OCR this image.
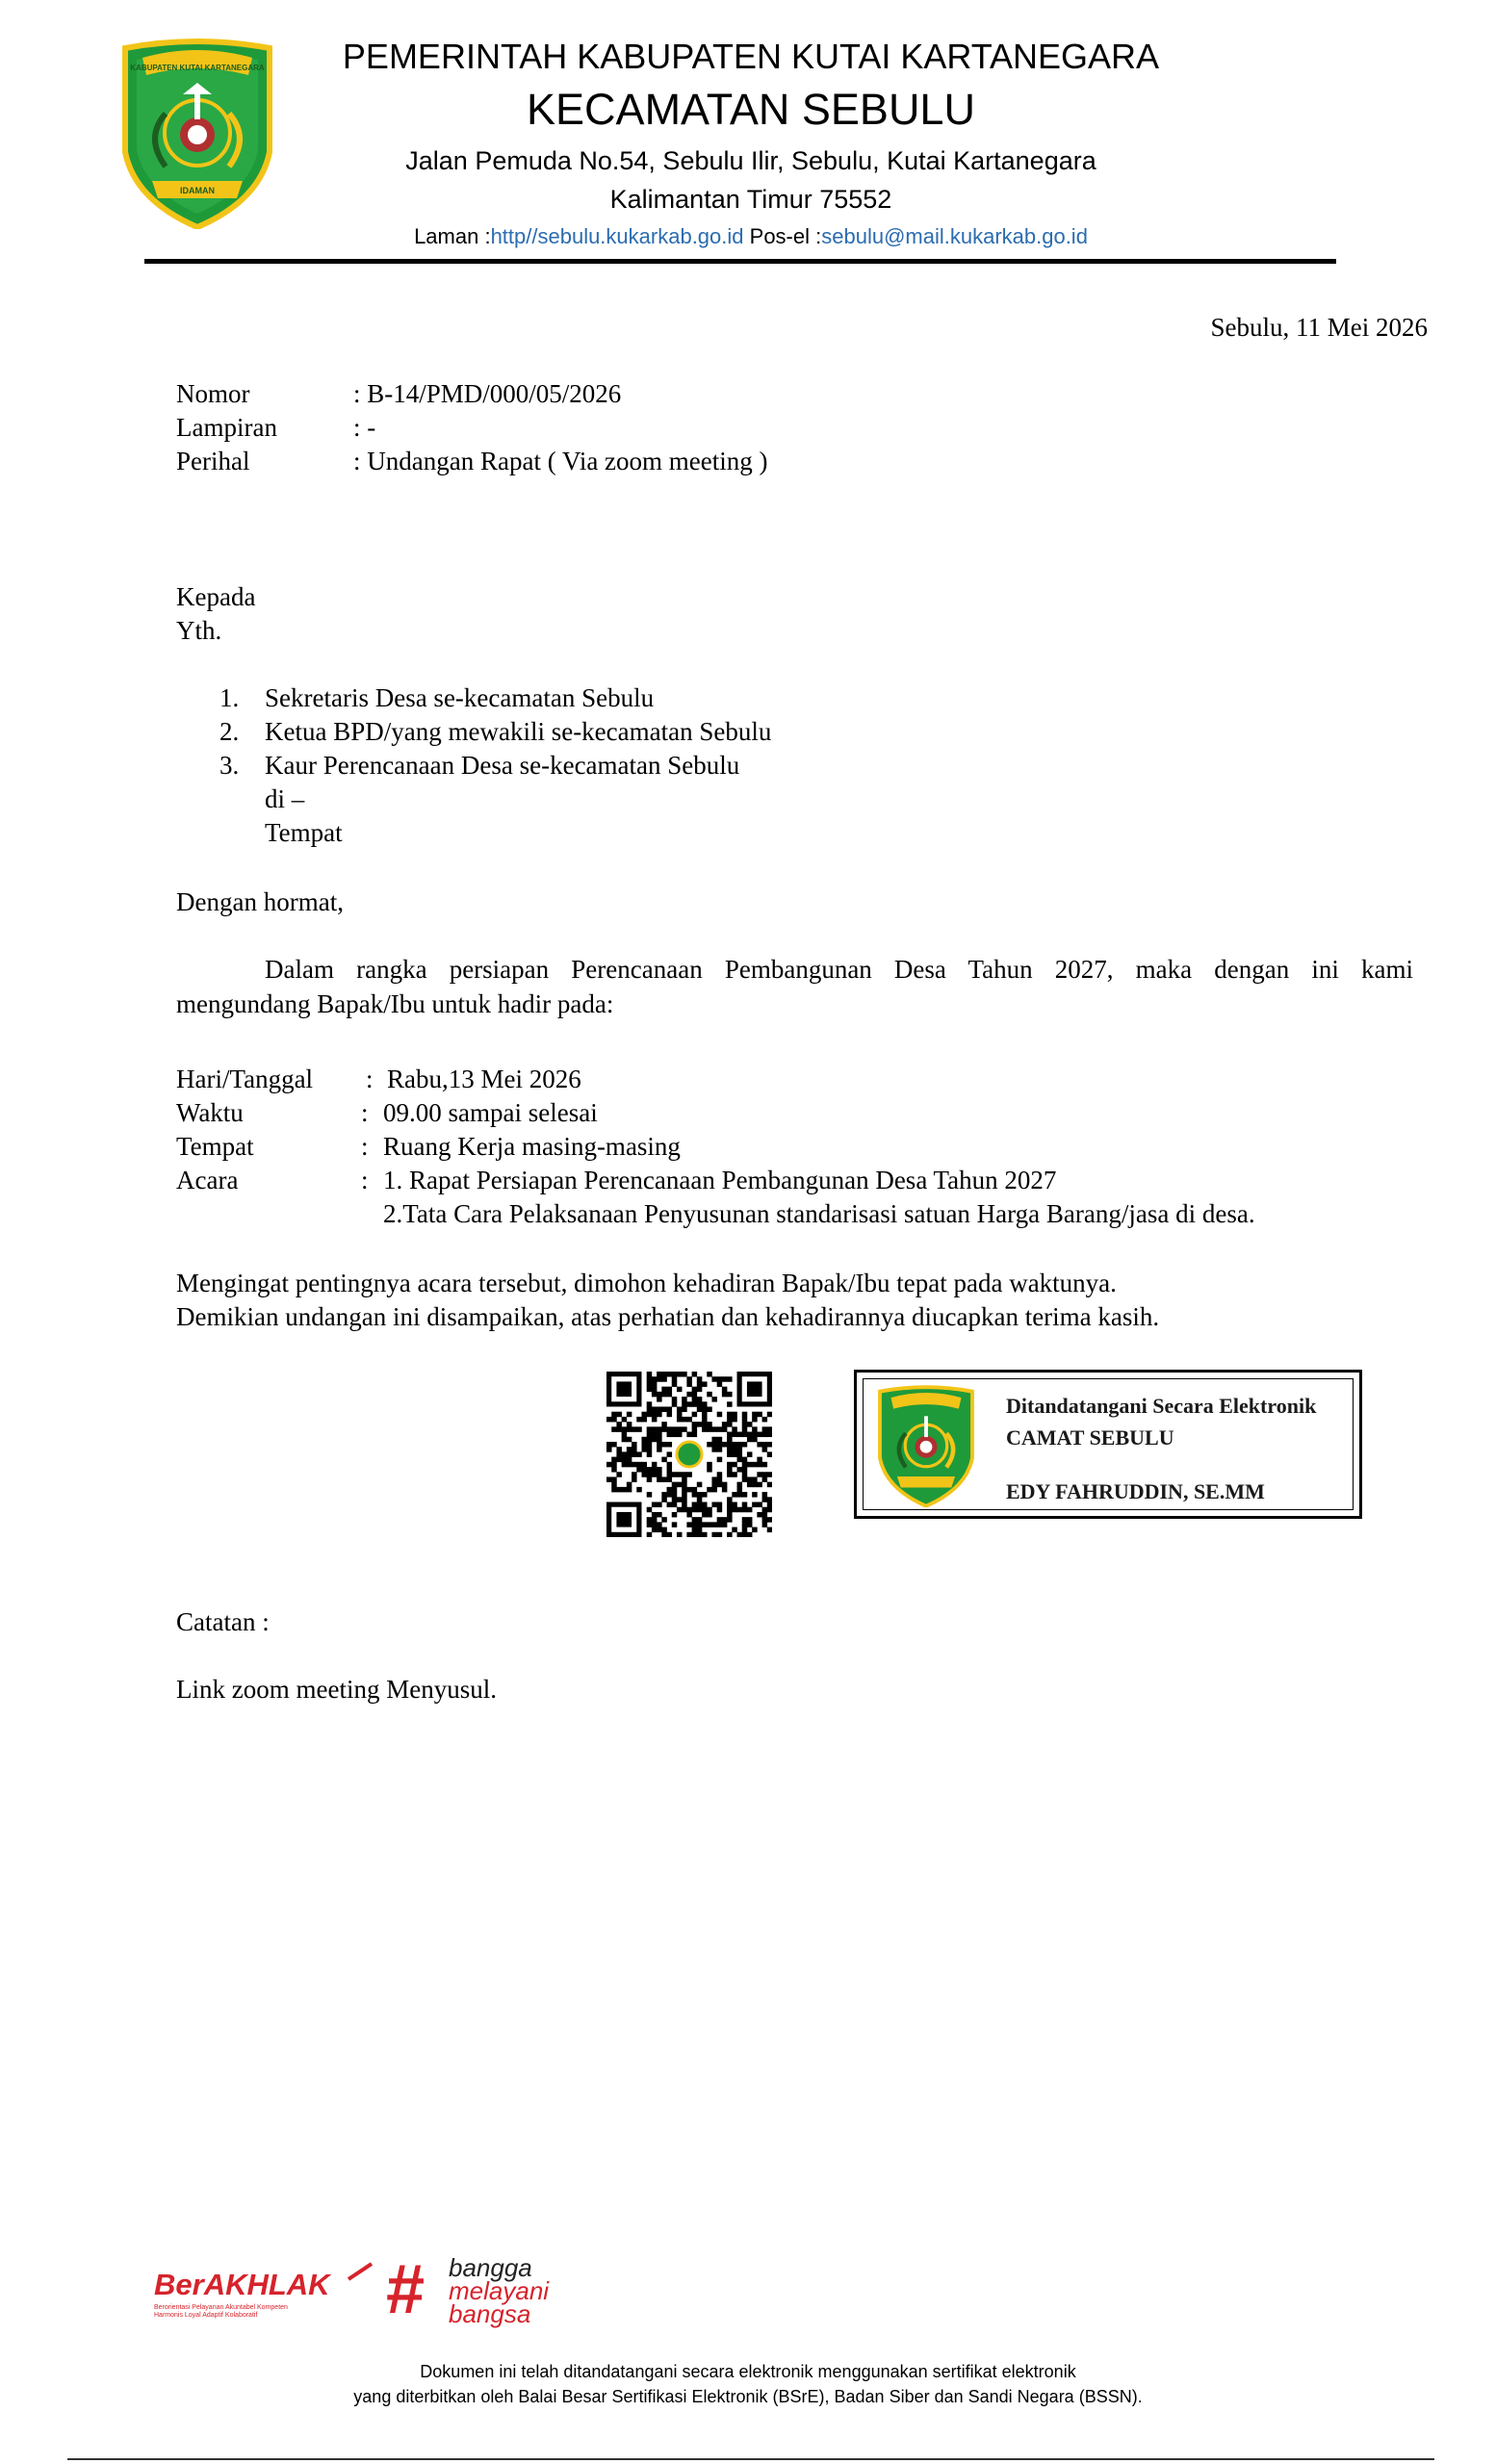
KABUPATEN KUTAI KARTANEGARA
IDAMAN
PEMERINTAH KABUPATEN KUTAI KARTANEGARA
KECAMATAN SEBULU
Jalan Pemuda No.54, Sebulu Ilir, Sebulu, Kutai Kartanegara
Kalimantan Timur 75552
Laman :http//sebulu.kukarkab.go.id Pos-el :sebulu@mail.kukarkab.go.id
Sebulu, 11 Mei 2026
Nomor	: B-14/PMD/000/05/2026
Lampiran	: -
Perihal	: Undangan Rapat ( Via zoom meeting )
Kepada
Yth.
1. Sekretaris Desa se-kecamatan Sebulu
2. Ketua BPD/yang mewakili se-kecamatan Sebulu
3. Kaur Perencanaan Desa se-kecamatan Sebulu
di –
Tempat
Dengan hormat,
Dalam rangka persiapan Perencanaan Pembangunan Desa Tahun 2027, maka dengan ini kami
mengundang Bapak/Ibu untuk hadir pada:
Hari/Tanggal : Rabu,13 Mei 2026
Waktu	: 09.00 sampai selesai
Tempat	: Ruang Kerja masing-masing
Acara	: 1. Rapat Persiapan Perencanaan Pembangunan Desa Tahun 2027
2.Tata Cara Pelaksanaan Penyusunan standarisasi satuan Harga Barang/jasa di desa.
Mengingat pentingnya acara tersebut, dimohon kehadiran Bapak/Ibu tepat pada waktunya.
Demikian undangan ini disampaikan, atas perhatian dan kehadirannya diucapkan terima kasih.
Ditandatangani Secara Elektronik
CAMAT SEBULU
EDY FAHRUDDIN, SE.MM
Catatan :
Link zoom meeting Menyusul.
BerAKHLAK
Berorientasi Pelayanan Akuntabel Kompeten
Harmonis Loyal Adaptif Kolaboratif # bangga
melayani
bangsa
Dokumen ini telah ditandatangani secara elektronik menggunakan sertifikat elektronik
yang diterbitkan oleh Balai Besar Sertifikasi Elektronik (BSrE), Badan Siber dan Sandi Negara (BSSN).
